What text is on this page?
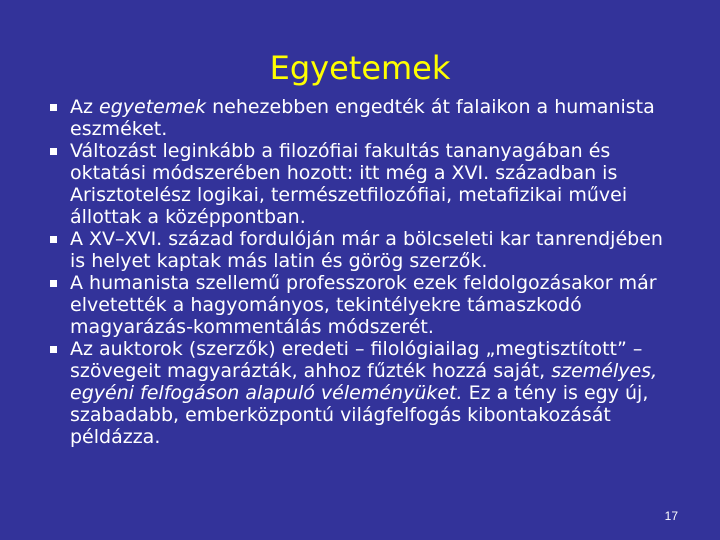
Egyetemek
Az egyetemek nehezebben engedték át falaikon a humanista eszméket.
Változást leginkább a filozófiai fakultás tananyagában és oktatási módszerében hozott: itt még a XVI. században is Arisztotelész logikai, természetfilozófiai, metafizikai művei állottak a középpontban.
A XV–XVI. század fordulóján már a bölcseleti kar tanrendjében is helyet kaptak más latin és görög szerzők.
A humanista szellemű professzorok ezek feldolgozásakor már elvetették a hagyományos, tekintélyekre támaszkodó magyarázás-kommentálás módszerét.
Az auktorok (szerzők) eredeti – filológiailag „megtisztított” – szövegeit magyarázták, ahhoz fűzték hozzá saját, személyes, egyéni felfogáson alapuló véleményüket. Ez a tény is egy új, szabadabb, emberközpontú világfelfogás kibontakozását példázza.
17
